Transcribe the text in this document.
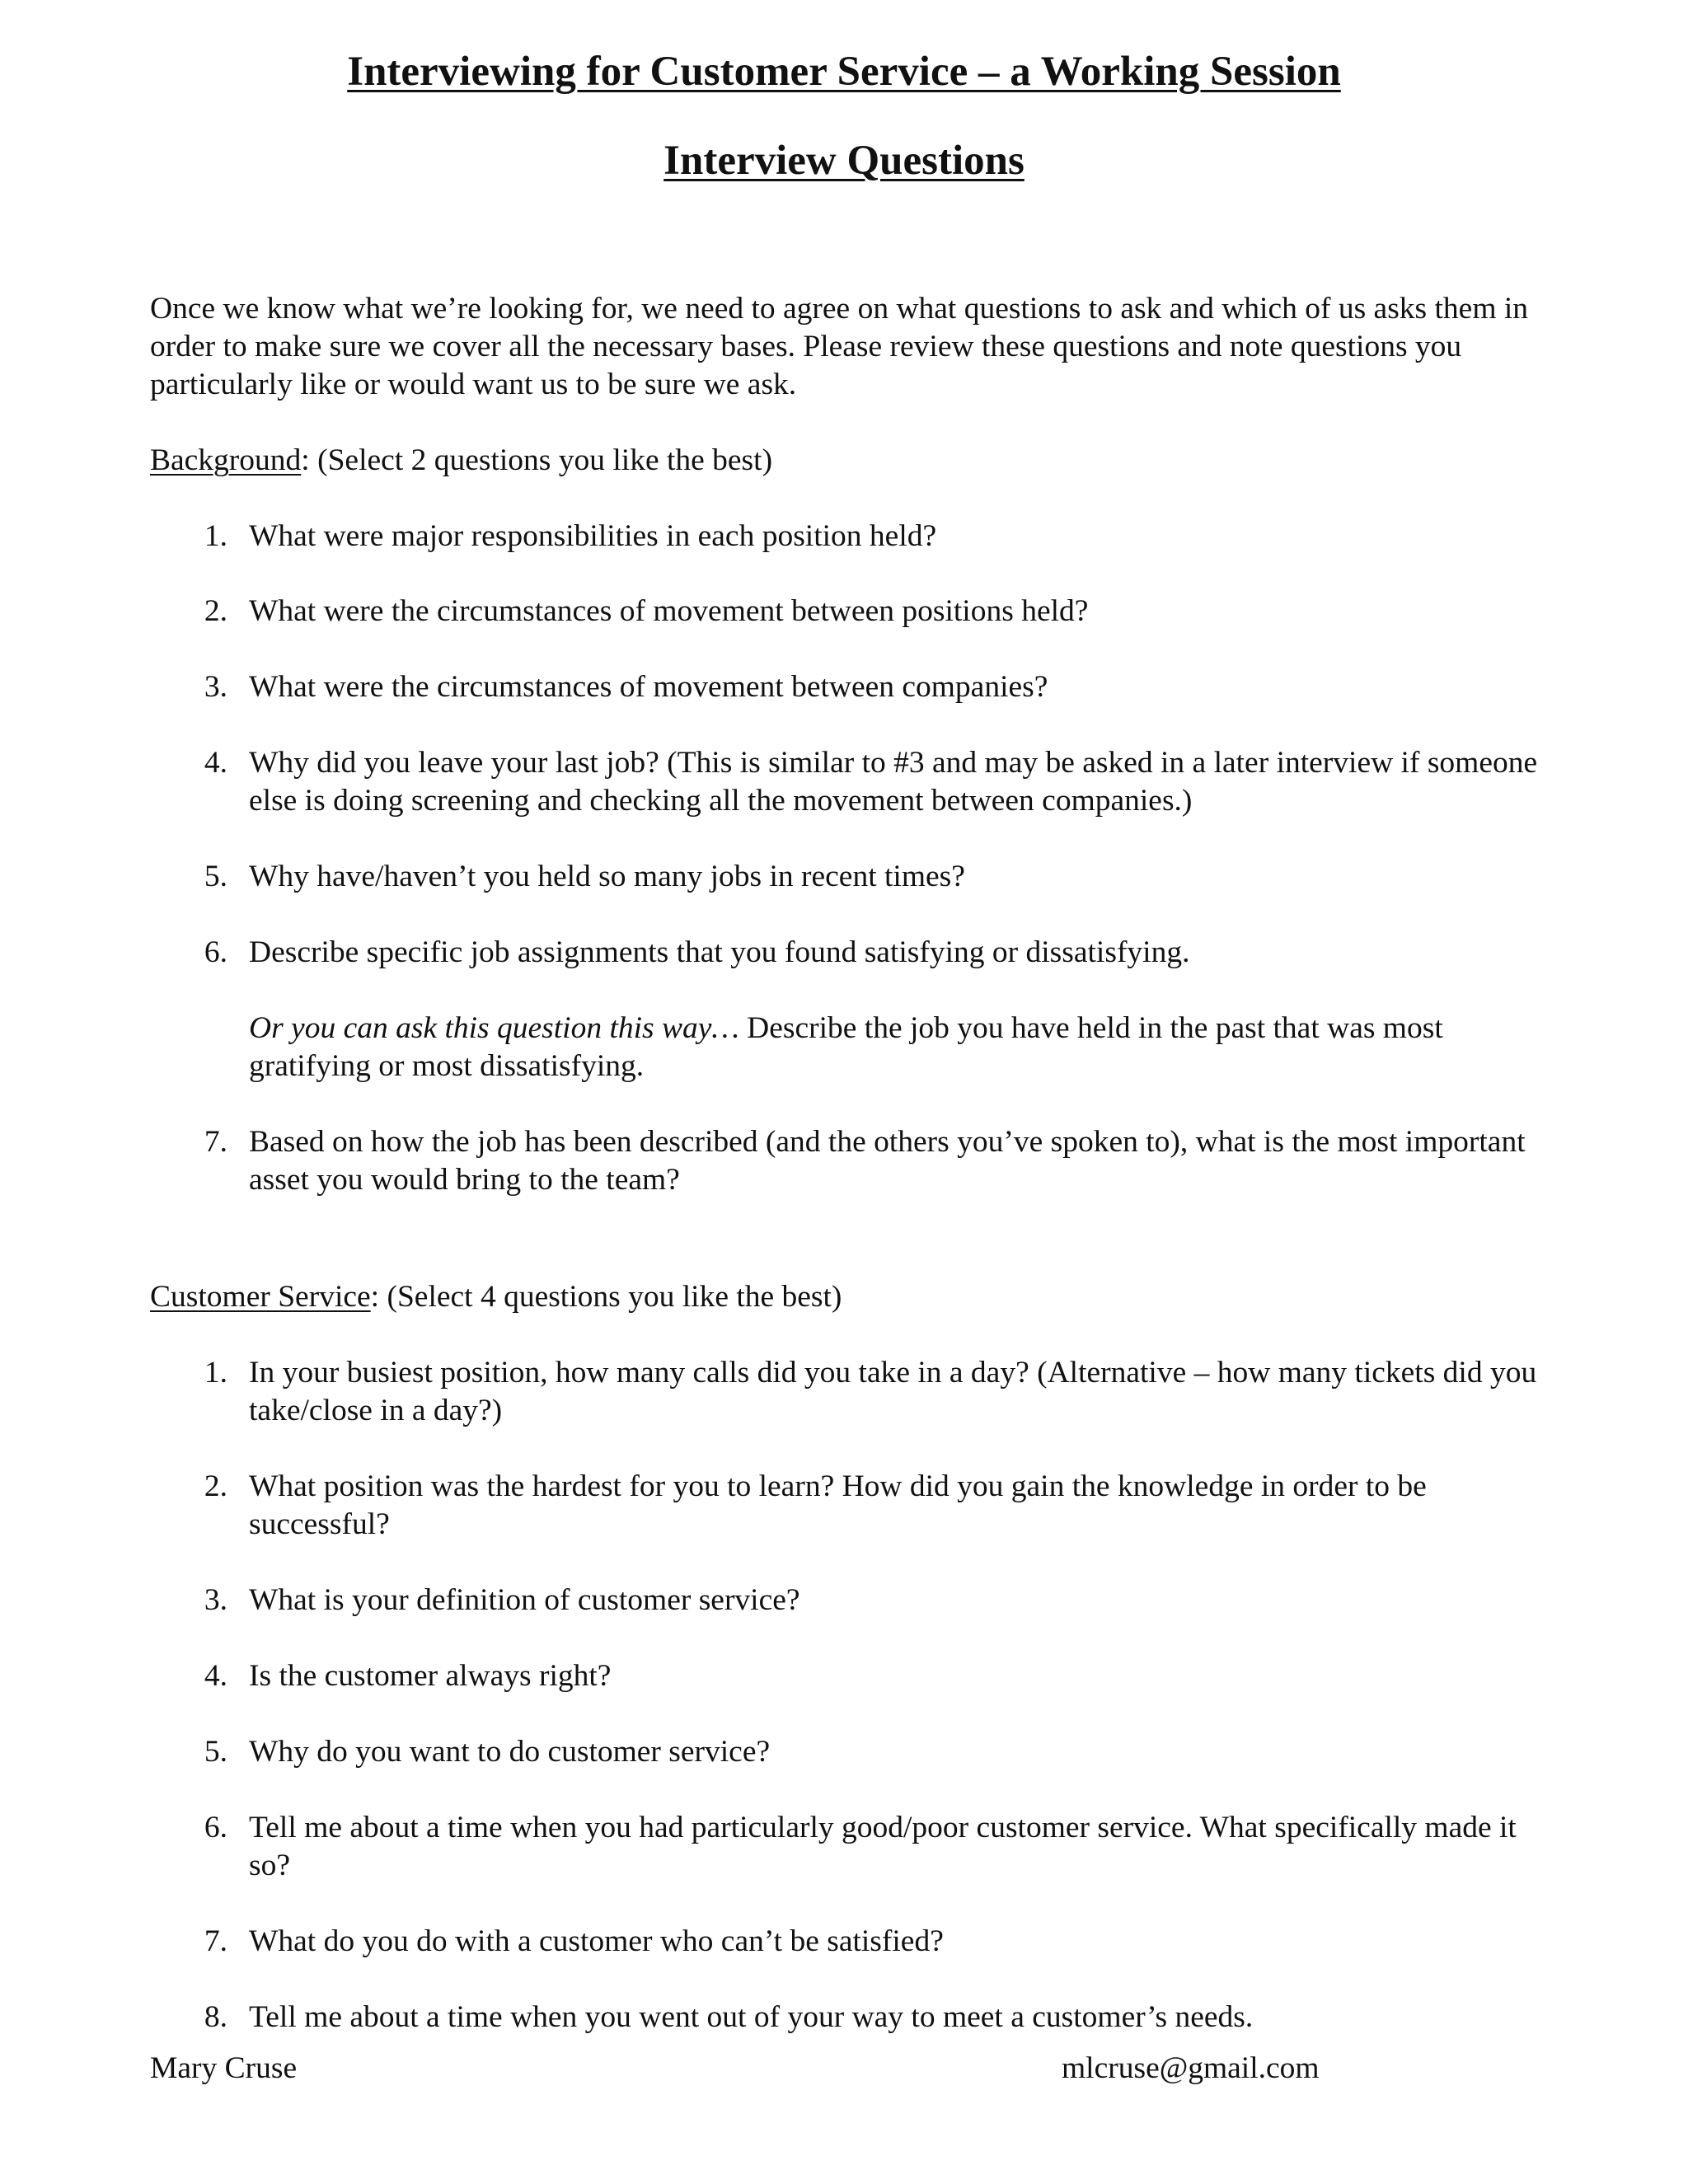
Interviewing for Customer Service – a Working Session
Interview Questions

Once we know what we’re looking for, we need to agree on what questions to ask and which of us asks them in order to make sure we cover all the necessary bases. Please review these questions and note questions you particularly like or would want us to be sure we ask.

Background: (Select 2 questions you like the best)

1. What were major responsibilities in each position held?
2. What were the circumstances of movement between positions held?
3. What were the circumstances of movement between companies?
4. Why did you leave your last job? (This is similar to #3 and may be asked in a later interview if someone else is doing screening and checking all the movement between companies.)
5. Why have/haven’t you held so many jobs in recent times?
6. Describe specific job assignments that you found satisfying or dissatisfying.

Or you can ask this question this way… Describe the job you have held in the past that was most gratifying or most dissatisfying.

7. Based on how the job has been described (and the others you’ve spoken to), what is the most important asset you would bring to the team?

Customer Service: (Select 4 questions you like the best)

1. In your busiest position, how many calls did you take in a day? (Alternative – how many tickets did you take/close in a day?)
2. What position was the hardest for you to learn? How did you gain the knowledge in order to be successful?
3. What is your definition of customer service?
4. Is the customer always right?
5. Why do you want to do customer service?
6. Tell me about a time when you had particularly good/poor customer service. What specifically made it so?
7. What do you do with a customer who can’t be satisfied?
8. Tell me about a time when you went out of your way to meet a customer’s needs.

Mary Cruse	mlcruse@gmail.com
